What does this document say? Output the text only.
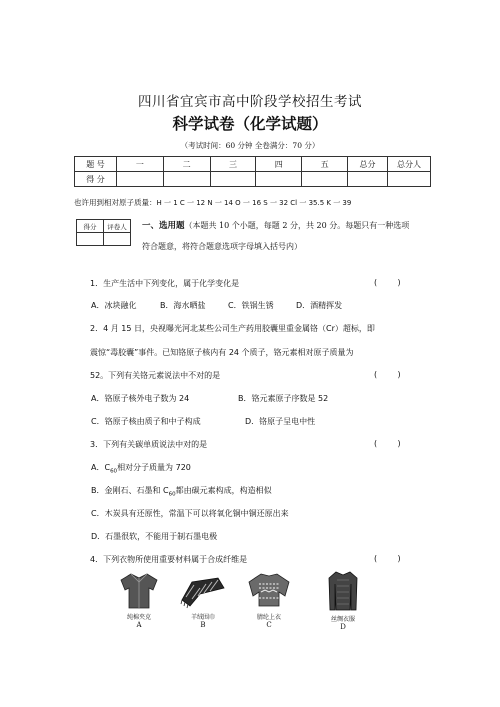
四川省宜宾市高中阶段学校招生考试
科学试卷（化学试题）
（考试时间：60 分钟 全卷满分：70 分）
题 号	一	二	三	四	五	总分	总分人
得 分							
也许用到相对原子质量：H 一 1 C 一 12 N 一 14 O 一 16 S 一 32 Cl 一 35.5 K 一 39
得分	评卷人
	一、选用题（本题共 10 个小题，每题 2 分，共 20 分。每题只有一种选项
符合题意，将符合题意选项字母填入括号内）
1．生产生活中下列变化，属于化学变化是	(        )
A．冰块融化	B．海水晒盐	C．铁锅生锈	D．酒精挥发
2．4 月 15 日，央视曝光河北某些公司生产药用胶囊里重金属铬（Cr）超标，即
震惊“毒胶囊”事件。已知铬原子核内有 24 个质子，铬元素相对原子质量为
52。下列有关铬元素说法中不对的是	(        )
A．铬原子核外电子数为 24	B．铬元素原子序数是 52
C．铬原子核由质子和中子构成	D．铬原子呈电中性
3．下列有关碳单质说法中对的是	(        )
A．$C_{60}$相对分子质量为 720
B．金刚石、石墨和 $C_{60}$都由碳元素构成，构造相似
C．木炭具有还原性，常温下可以将氧化铜中铜还原出来
D．石墨很软，不能用于制石墨电极
4．下列衣物所使用重要材料属于合成纤维是	(        )
纯棉夹克
A
羊绒围巾
B
腈纶上衣
C
丝绸衣服
D
